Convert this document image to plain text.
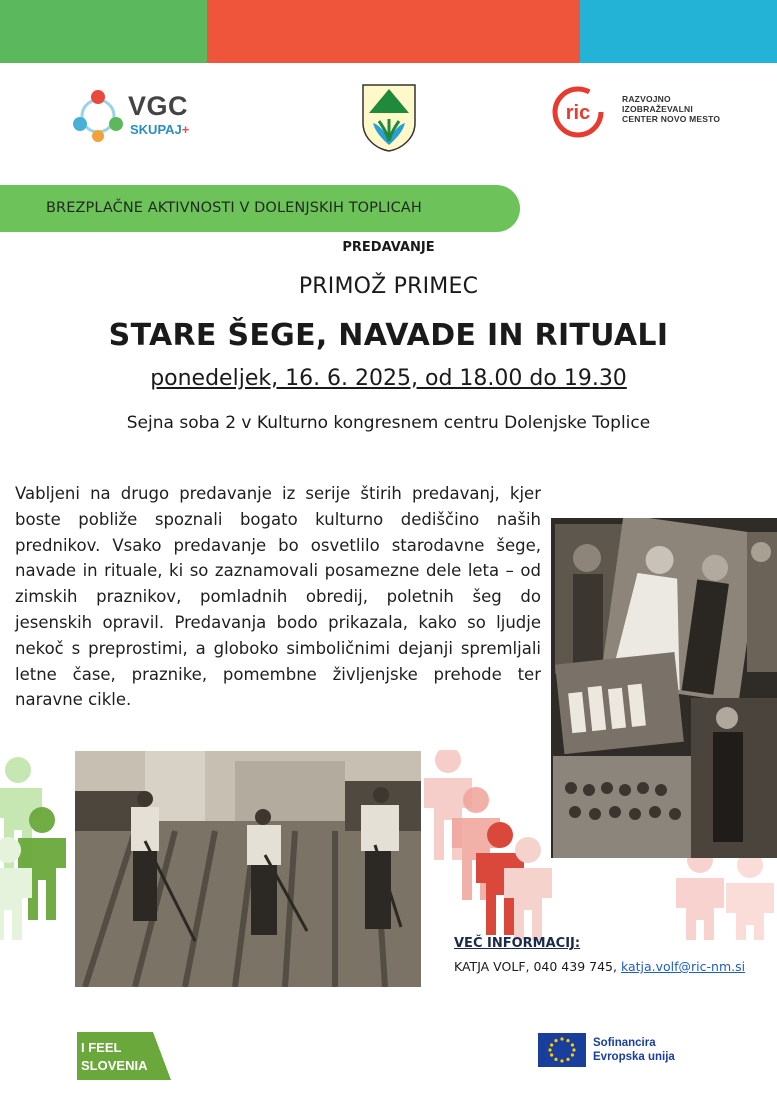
VGC
SKUPAJ+
ric
RAZVOJNO
IZOBRAŽEVALNI
CENTER NOVO MESTO
BREZPLAČNE AKTIVNOSTI V DOLENJSKIH TOPLICAH
PREDAVANJE
PRIMOŽ PRIMEC
STARE ŠEGE, NAVADE IN RITUALI
ponedeljek, 16. 6. 2025, od 18.00 do 19.30
Sejna soba 2 v Kulturno kongresnem centru Dolenjske Toplice
Vabljeni na drugo predavanje iz serije štirih predavanj, kjer boste pobliže spoznali bogato kulturno dediščino naših prednikov. Vsako predavanje bo osvetlilo starodavne šege, navade in rituale, ki so zaznamovali posamezne dele leta – od zimskih praznikov, pomladnih obredij, poletnih šeg do jesenskih opravil. Predavanja bodo prikazala, kako so ljudje nekoč s preprostimi, a globoko simboličnimi dejanji spremljali letne čase, praznike, pomembne življenjske prehode ter naravne cikle.
VEČ INFORMACIJ:
KATJA VOLF, 040 439 745, katja.volf@ric-nm.si
I FEEL
SLOVENIA
Sofinancira
Evropska unija
